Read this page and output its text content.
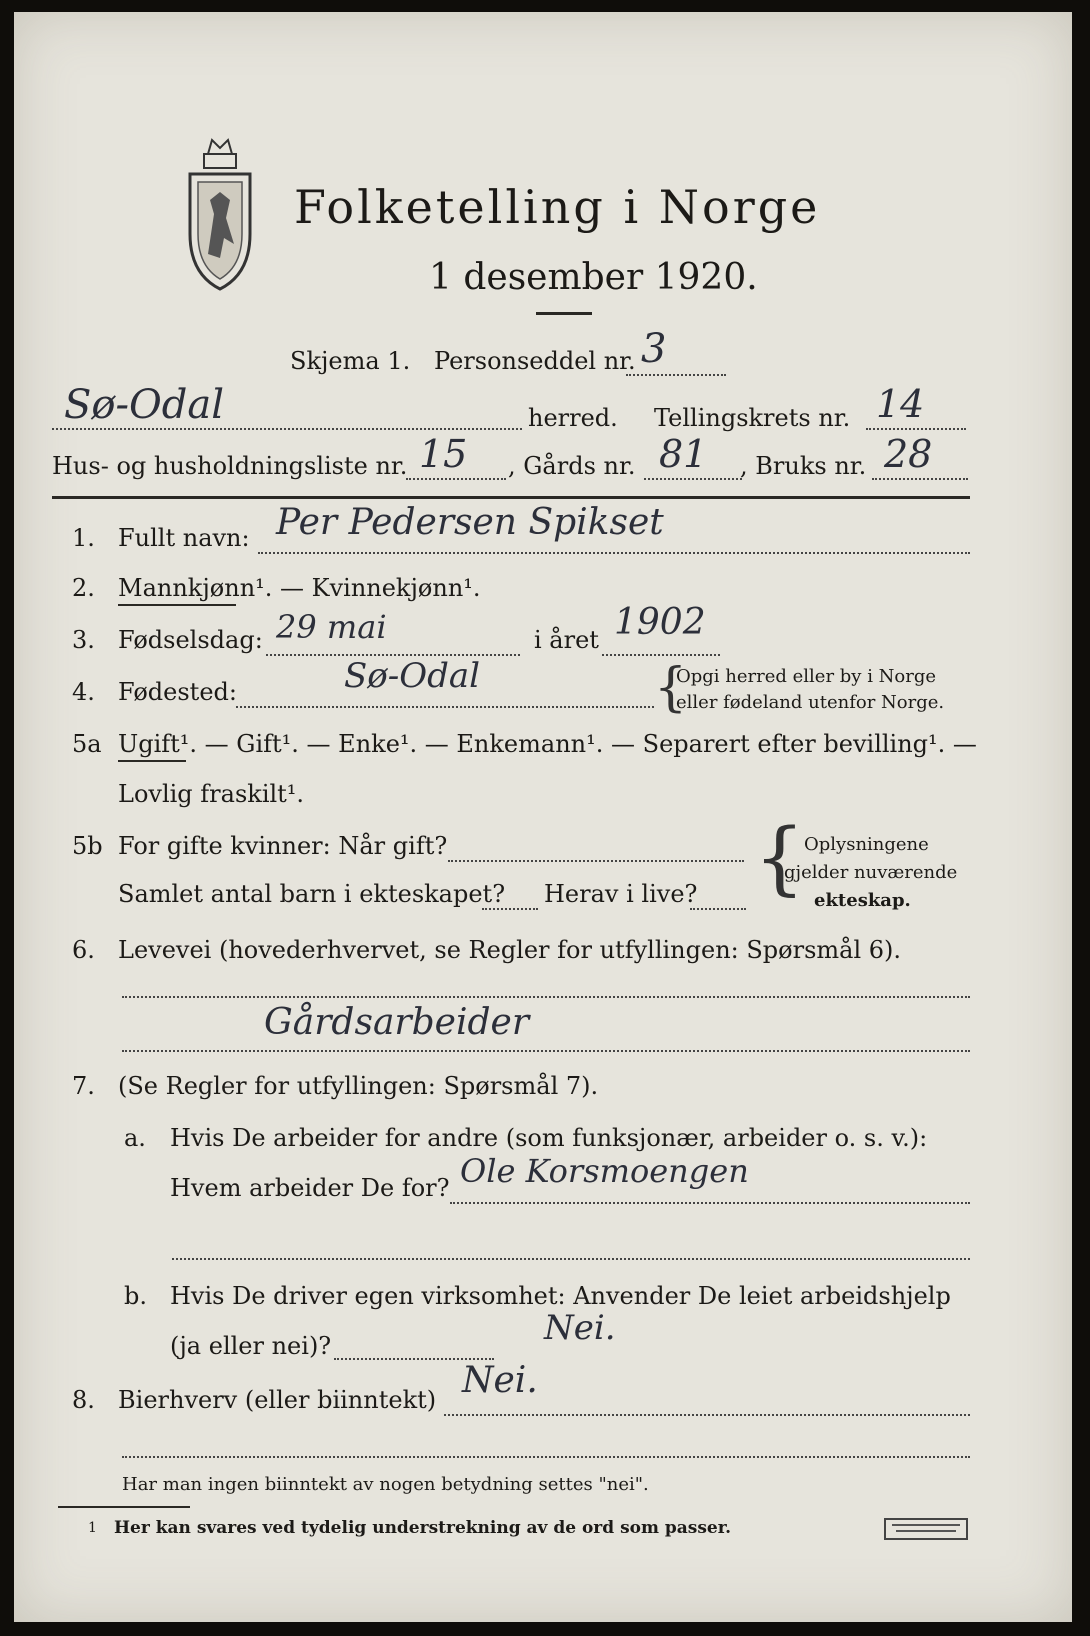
Folketelling i Norge
1 desember 1920.
Skjema 1. Personseddel nr. 3
Sø-Odal	herred. Tellingskrets nr. 14
Hus- og husholdningsliste nr. 15 , Gårds nr. 81 , Bruks nr. 28
1. Fullt navn: Per Pedersen Spikset
2. Mannkjønn¹. — Kvinnekjønn¹.
3. Fødselsdag: 29 mai	i året 1902
4. Fødested:	Sø-Odal	{
Opgi herred eller by i Norge
eller fødeland utenfor Norge.
5a Ugift¹. — Gift¹. — Enke¹. — Enkemann¹. — Separert efter bevilling¹. —
Lovlig fraskilt¹.
5b For gifte kvinner: Når gift?
Samlet antal barn i ekteskapet? Herav i live? { Oplysningene
gjelder nuværende
ekteskap.
6. Levevei (hovederhvervet, se Regler for utfyllingen: Spørsmål 6).
Gårdsarbeider
7. (Se Regler for utfyllingen: Spørsmål 7).
a. Hvis De arbeider for andre (som funksjonær, arbeider o. s. v.):
Hvem arbeider De for? Ole Korsmoengen
b. Hvis De driver egen virksomhet: Anvender De leiet arbeidshjelp
(ja eller nei)?	Nei.
8. Bierhverv (eller biinntekt) Nei.
Har man ingen biinntekt av nogen betydning settes "nei".
1 Her kan svares ved tydelig understrekning av de ord som passer.
